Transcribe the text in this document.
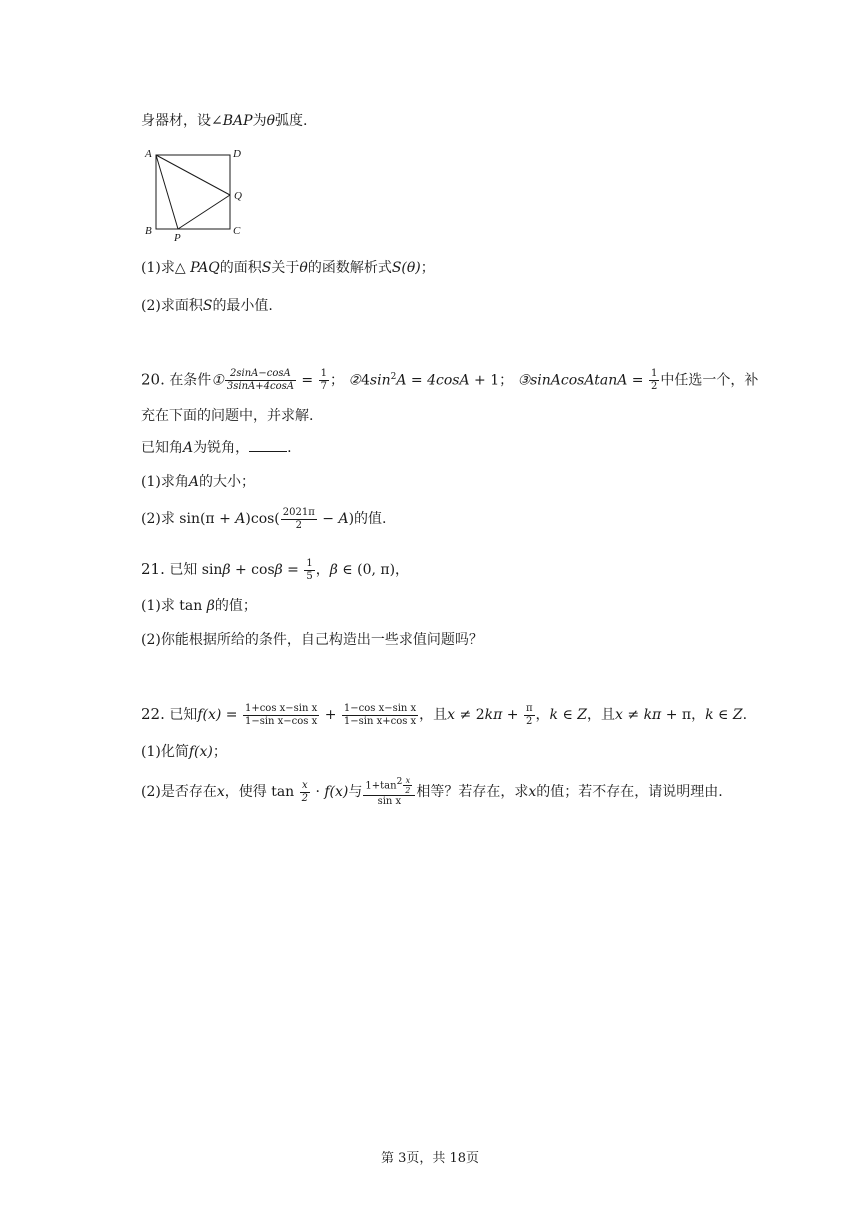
身器材，设∠BAP为θ弧度.
A	D
Q
B
P
C
(1)求△ PAQ的面积S关于θ的函数解析式S(θ)；
(2)求面积S的最小值.
20. 在条件① $\frac{2\sin A-\cos A}{3\sin A+4\cos A} = \frac{1}{7}$ ； $②4\sin^2A = 4\cos A + 1$； ③sinAcosAtanA = $\frac{1}{2}$ 中任选一个，补
充在下面的问题中，并求解.
已知角A为锐角，	.
(1)求角A的大小；
(2)求 $\sin(\pi + A)\cos( \frac{2021\pi}{2} - A)$的值.
21. 已知 $\sin\beta + \cos\beta = \frac{1}{5}$ ，β ∈ (0, π)，
(1)求 tan β的值；
(2)你能根据所给的条件，自己构造出一些求值问题吗？
22. 已知$f(x) = \frac{\text{1+cos x−sin x}}{\text{1−sin x−cos x}} + \frac{\text{1−cos x−sin x}}{\text{1−sin x+cos x}}$ ，且$x \ne 2k\pi + \frac{\pi}{2}$ ，k ∈ Z，且x ≠ kπ + π，k ∈ Z.
(1)化简f(x)；
(2)是否存在x，使得 $\tan \frac{x}{2} \cdot f(x)$与 $\frac{1+\tan 2 \frac{x}{2}}{\text{sin x}}$ 相等？若存在，求x的值；若不存在，请说明理由.
第 3页，共 18页
